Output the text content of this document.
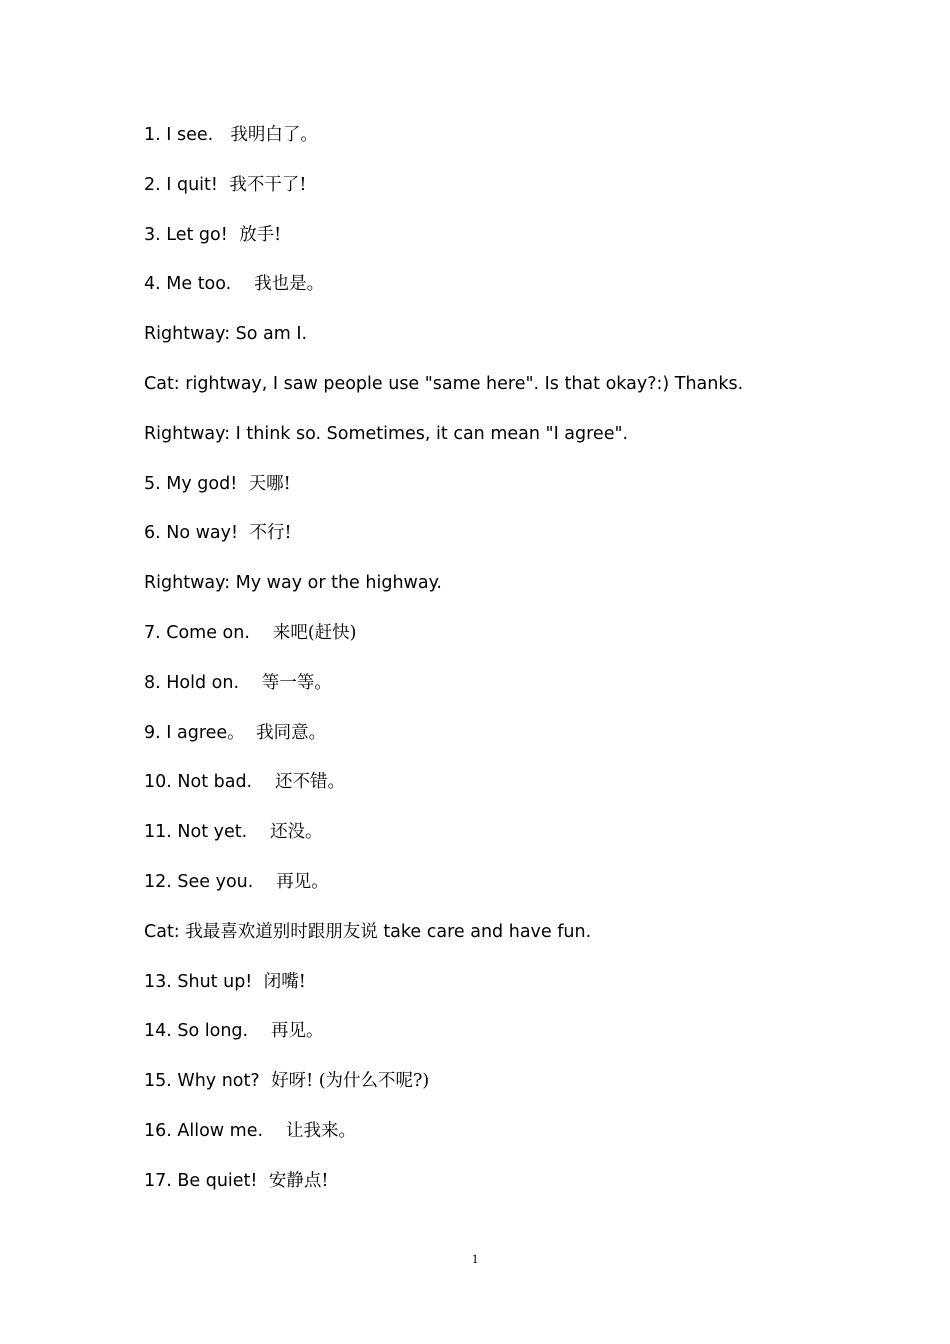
1. I see. 我明白了。
2. I quit! 我不干了!
3. Let go! 放手!
4. Me too. 我也是。
Rightway: So am I.
Cat: rightway, I saw people use "same here". Is that okay?:) Thanks.
Rightway: I think so. Sometimes, it can mean "I agree".
5. My god! 天哪!
6. No way! 不行!
Rightway: My way or the highway.
7. Come on. 来吧(赶快)
8. Hold on. 等一等。
9. I agree。 我同意。
10. Not bad. 还不错。
11. Not yet. 还没。
12. See you. 再见。
Cat: 我最喜欢道别时跟朋友说 take care and have fun.
13. Shut up! 闭嘴!
14. So long. 再见。
15. Why not? 好呀! (为什么不呢?)
16. Allow me. 让我来。
17. Be quiet! 安静点!
1
